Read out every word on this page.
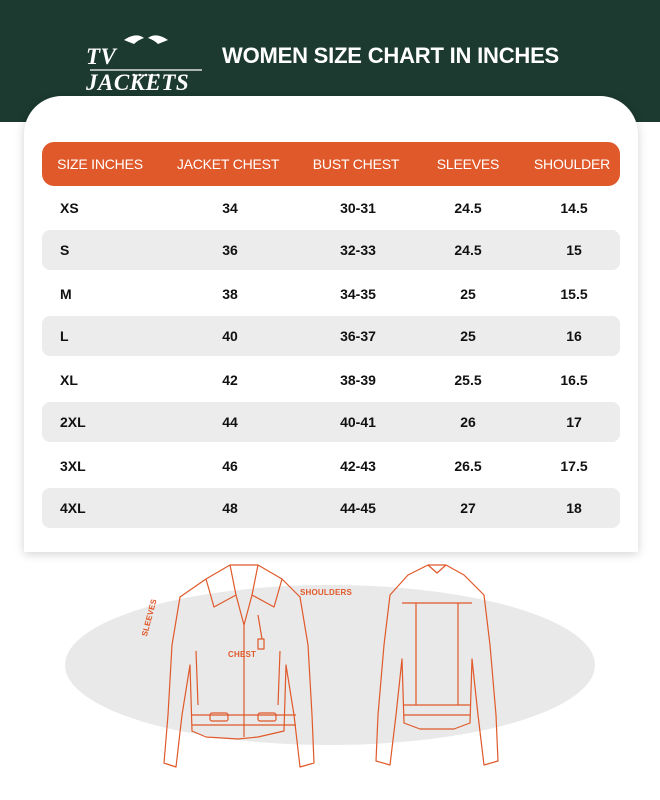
TV JACKETS
WOMEN SIZE CHART IN INCHES
SIZE INCHES	JACKET CHEST	BUST CHEST	SLEEVES	SHOULDER
XS	34	30-31	24.5	14.5
S	36	32-33	24.5	15
M	38	34-35	25	15.5
L	40	36-37	25	16
XL	42	38-39	25.5	16.5
2XL	44	40-41	26	17
3XL	46	42-43	26.5	17.5
4XL	48	44-45	27	18
SHOULDERS
SLEEVES
CHEST
